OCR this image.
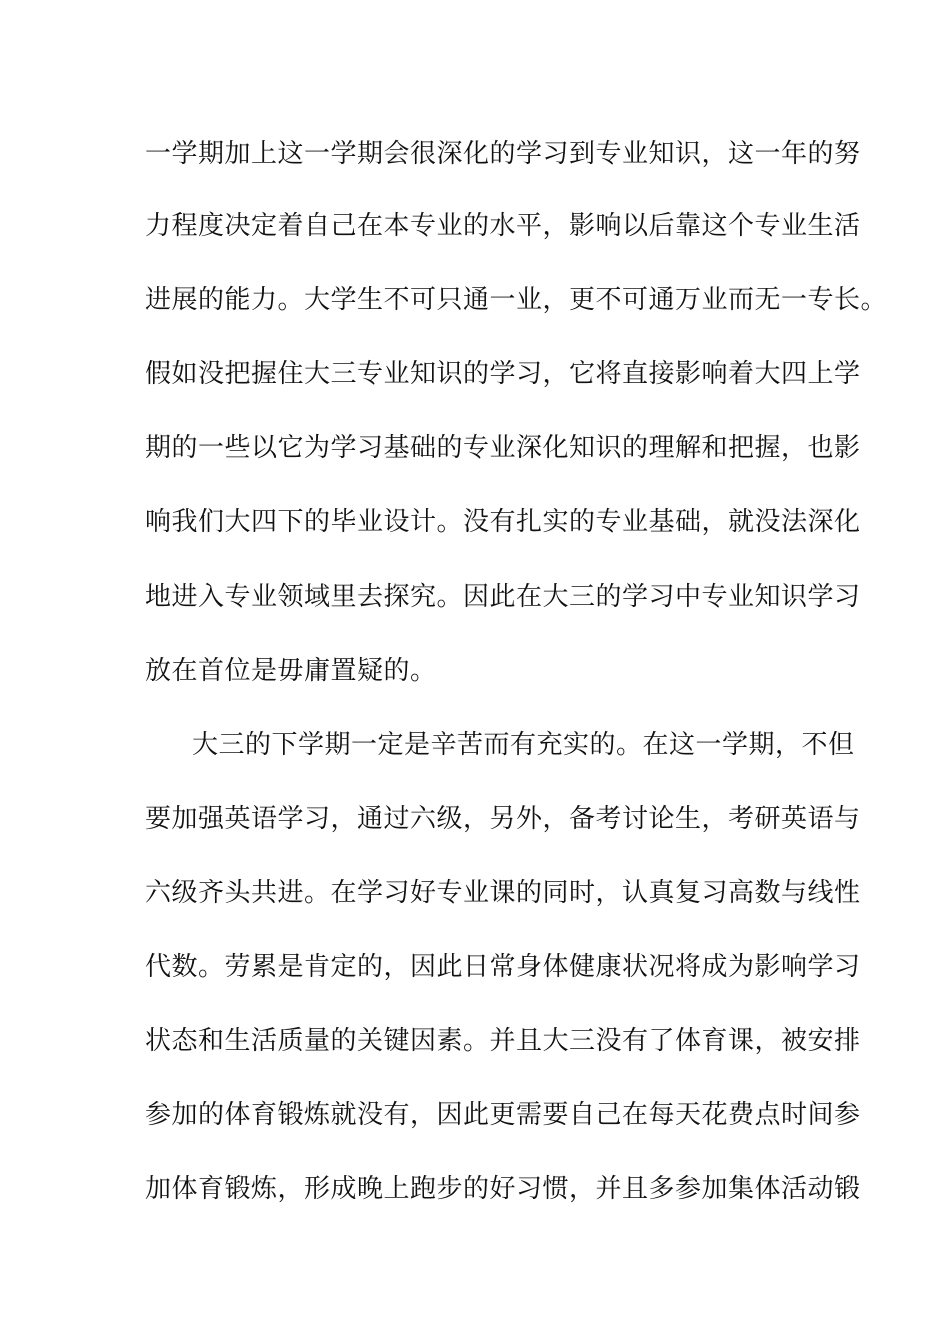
一学期加上这一学期会很深化的学习到专业知识，这一年的努
力程度决定着自己在本专业的水平，影响以后靠这个专业生活
进展的能力。大学生不可只通一业，更不可通万业而无一专长。
假如没把握住大三专业知识的学习，它将直接影响着大四上学
期的一些以它为学习基础的专业深化知识的理解和把握，也影
响我们大四下的毕业设计。没有扎实的专业基础，就没法深化
地进入专业领域里去探究。因此在大三的学习中专业知识学习
放在首位是毋庸置疑的。
大三的下学期一定是辛苦而有充实的。在这一学期，不但
要加强英语学习，通过六级，另外，备考讨论生，考研英语与
六级齐头共进。在学习好专业课的同时，认真复习高数与线性
代数。劳累是肯定的，因此日常身体健康状况将成为影响学习
状态和生活质量的关键因素。并且大三没有了体育课，被安排
参加的体育锻炼就没有，因此更需要自己在每天花费点时间参
加体育锻炼，形成晚上跑步的好习惯，并且多参加集体活动锻
